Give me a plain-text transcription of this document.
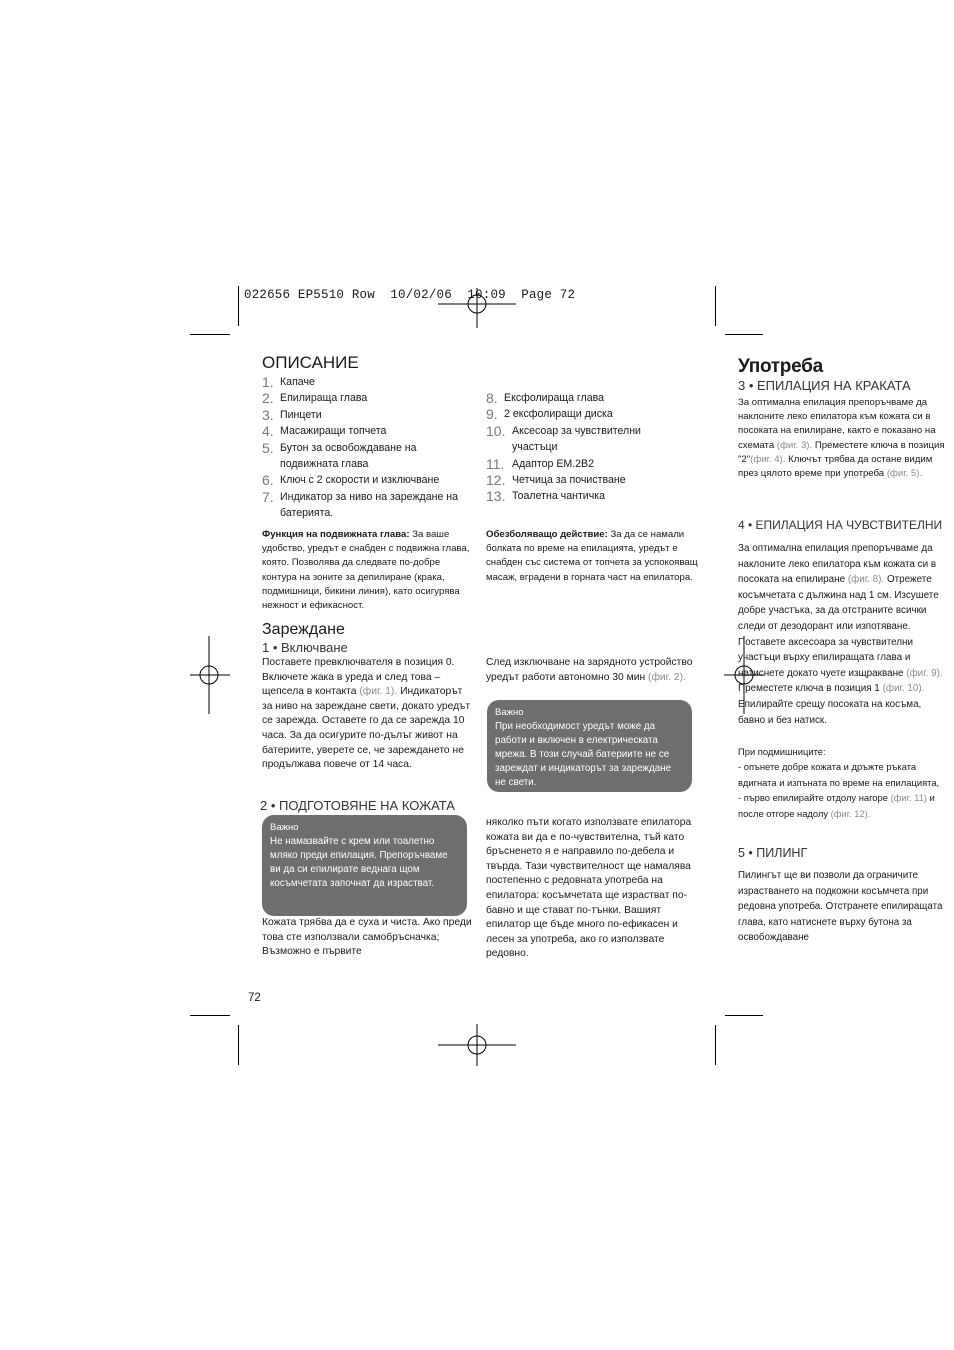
022656 EP5510 Row  10/02/06  10:09  Page 72
ОПИСАНИЕ
1. Капаче
2. Епилираща глава
3. Пинцети
4. Масажиращи топчета
5. Бутон за освобождаване на подвижната глава
6. Ключ с 2 скорости и изключване
7. Индикатор за ниво на зареждане на батерията.
8. Ексфолираща глава
9. 2 ексфолиращи диска
10. Аксесоар за чувствителни участъци
11. Адаптор EM.2B2
12. Четчица за почистване
13. Тоалетна чантичка
Функция на подвижната глава: За ваше удобство, уредът е снабден с подвижна глава, която. Позволява да следвате по-добре контура на зоните за депилиране (крака, подмишници, бикини линия), като осигурява нежност и ефикасност.
Обезболяващо действие: За да се намали болката по време на епилацията, уредът е снабден със система от топчета за успокояващ масаж, вградени в горната част на епилатора.
Зареждане
1 • Включване
Поставете превключвателя в позиция 0. Включете жака в уреда и след това – щепсела в контакта (фиг. 1). Индикаторът за ниво на зареждане свети, докато уредът се зарежда. Оставете го да се зарежда 10 часа. За да осигурите по-дълъг живот на батериите, уверете се, че зареждането не продължава повече от 14 часа.
След изключване на зарядното устройство уредът работи автономно 30 мин (фиг. 2).
Важно
При необходимост уредът може да работи и включен в електрическата мрежа. В този случай батериите не се зареждат и индикаторът за зареждане не свети.
2 • ПОДГОТОВЯНЕ НА КОЖАТА
Важно
Не намазвайте с крем или тоалетно мляко преди епилация. Препоръчваме ви да си епилирате веднага щом косъмчетата започнат да израстват.
Кожата трябва да е суха и чиста. Ако преди това сте използвали самобръсначка; Възможно е първите
няколко пъти когато използвате епилатора кожата ви да е по-чувствителна, тъй като бръсненето я е направило по-дебела и твърда. Тази чувствителност ще намалява постепенно с редовната употреба на епилатора: косъмчетата ще израстват по-бавно и ще стават по-тънки. Вашият епилатор ще бъде много по-ефикасен и лесен за употреба, ако го използвате редовно.
72
Употреба
3 • ЕПИЛАЦИЯ НА КРАКАТА
За оптимална епилация препоръчваме да наклоните леко епилатора към кожата си в посоката на епилиране, както е показано на схемата (фиг. 3). Преместете ключа в позиция "2"(фиг. 4). Ключът трябва да остане видим през цялото време при употреба (фиг. 5).
4 • ЕПИЛАЦИЯ НА ЧУВСТВИТЕЛНИ
За оптимална епилация препоръчваме да наклоните леко епилатора към кожата си в посоката на епилиране (фиг. 8). Отрежете косъмчетата с дължина над 1 см. Изсушете добре участъка, за да отстраните всички следи от дезодорант или изпотяване. Поставете аксесоара за чувствителни участъци върху епилиращата глава и натиснете докато чуете изщракване (фиг. 9). Преместете ключа в позиция 1 (фиг. 10). Епилирайте срещу посоката на косъма, бавно и без натиск.
При подмишниците:
- опънете добре кожата и дръжте ръката вдигната и изпъната по време на епилацията,
- първо епилирайте отдолу нагоре (фиг. 11) и после отгоре надолу (фиг. 12).
5 • ПИЛИНГ
Пилингът ще ви позволи да ограничите израстването на подкожни косъмчета при редовна употреба. Отстранете епилиращата глава, като натиснете върху бутона за освобождаване
